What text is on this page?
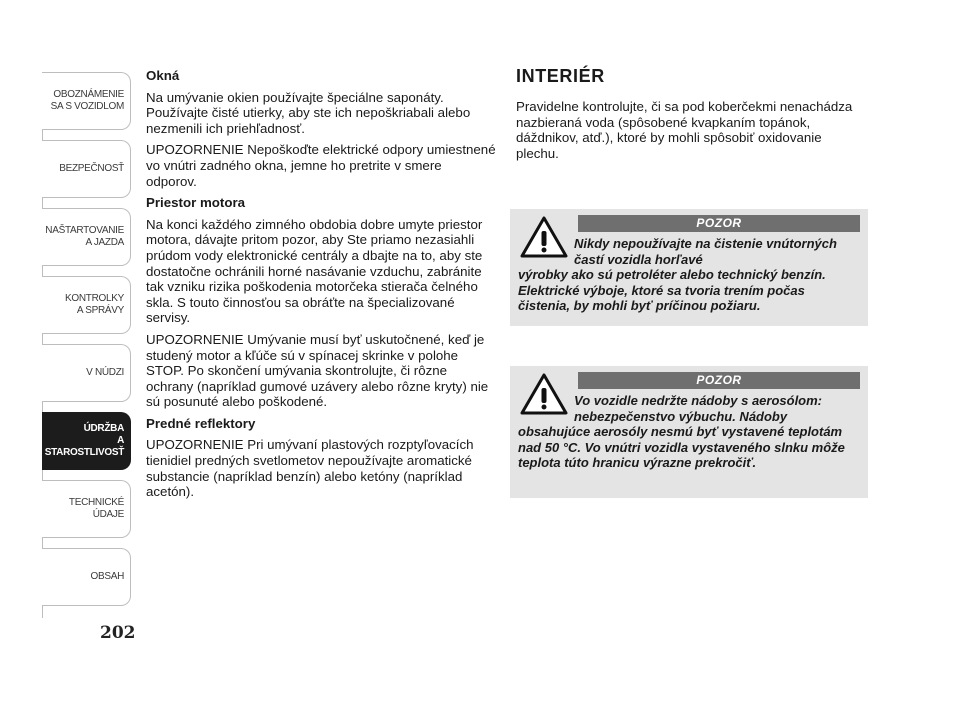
OBOZNÁMENIE
SA S VOZIDLOM
BEZPEČNOSŤ
NAŠTARTOVANIE
A JAZDA
KONTROLKY
A SPRÁVY
V NÚDZI
ÚDRŽBA
A STAROSTLIVOSŤ
TECHNICKÉ
ÚDAJE
OBSAH
202
Okná

Na umývanie okien používajte špeciálne saponáty. Používajte čisté utierky, aby ste ich nepoškriabali alebo nezmenili ich priehľadnosť.

UPOZORNENIE Nepoškoďte elektrické odpory umiestnené vo vnútri zadného okna, jemne ho pretrite v smere odporov.

Priestor motora

Na konci každého zimného obdobia dobre umyte priestor motora, dávajte pritom pozor, aby Ste priamo nezasiahli prúdom vody elektronické centrály a dbajte na to, aby ste dostatočne ochránili horné nasávanie vzduchu, zabránite tak vzniku rizika poškodenia motorčeka stierača čelného skla. S touto činnosťou sa obráťte na špecializované servisy.

UPOZORNENIE Umývanie musí byť uskutočnené, keď je studený motor a kľúče sú v spínacej skrinke v polohe STOP. Po skončení umývania skontrolujte, či rôzne ochrany (napríklad gumové uzávery alebo rôzne kryty) nie sú posunuté alebo poškodené.

Predné reflektory

UPOZORNENIE Pri umývaní plastových rozptyľovacích tienidiel predných svetlometov nepoužívajte aromatické substancie (napríklad benzín) alebo ketóny (napríklad acetón).

INTERIÉR

Pravidelne kontrolujte, či sa pod koberčekmi nenachádza nazbieraná voda (spôsobené kvapkaním topánok, dáždnikov, atď.), ktoré by mohli spôsobiť oxidovanie plechu.

POZOR
Nikdy nepoužívajte na čistenie vnútorných častí vozidla horľavé
výrobky ako sú petroléter alebo technický benzín. Elektrické výboje, ktoré sa tvoria trením počas čistenia, by mohli byť príčinou požiaru.
POZOR
Vo vozidle nedržte nádoby s aerosólom: nebezpečenstvo výbuchu. Nádoby
obsahujúce aerosóly nesmú byť vystavené teplotám nad 50 °C. Vo vnútri vozidla vystaveného slnku môže teplota túto hranicu výrazne prekročiť.
